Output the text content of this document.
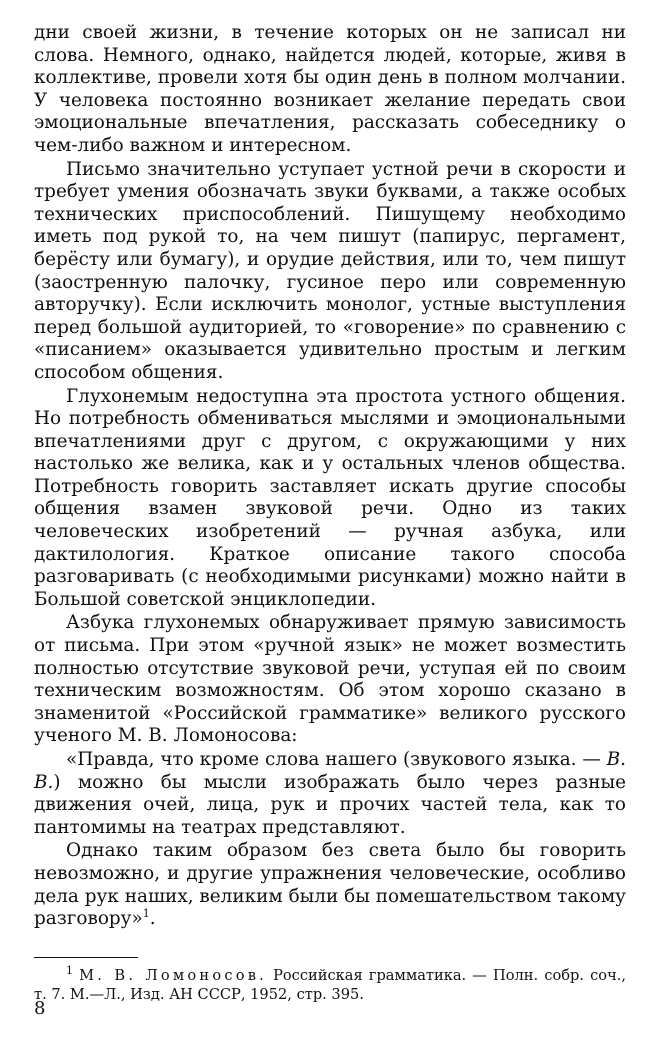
дни своей жизни, в течение которых он не записал ни слова. Немного, однако, найдется людей, которые, живя в коллективе, провели хотя бы один день в полном молчании. У человека постоянно возникает желание передать свои эмоциональные впечатления, рассказать собеседнику о чем-либо важном и интересном.

Письмо значительно уступает устной речи в скорости и требует умения обозначать звуки буквами, а также особых технических приспособлений. Пишущему необходимо иметь под рукой то, на чем пишут (папирус, пергамент, берёсту или бумагу), и орудие действия, или то, чем пишут (заостренную палочку, гусиное перо или современную авторучку). Если исключить монолог, устные выступления перед большой аудиторией, то «говорение» по сравнению с «писанием» оказывается удивительно простым и легким способом общения.

Глухонемым недоступна эта простота устного общения. Но потребность обмениваться мыслями и эмоциональными впечатлениями друг с другом, с окружающими у них настолько же велика, как и у остальных членов общества. Потребность говорить заставляет искать другие способы общения взамен звуковой речи. Одно из таких человеческих изобретений — ручная азбука, или дактилология. Краткое описание такого способа разговаривать (с необходимыми рисунками) можно найти в Большой советской энциклопедии.

Азбука глухонемых обнаруживает прямую зависимость от письма. При этом «ручной язык» не может возместить полностью отсутствие звуковой речи, уступая ей по своим техническим возможностям. Об этом хорошо сказано в знаменитой «Российской грамматике» великого русского ученого М. В. Ломоносова:

«Правда, что кроме слова нашего (звукового языка. — В. В.) можно бы мысли изображать было через разные движения очей, лица, рук и прочих частей тела, как то пантомимы на театрах представляют.

Однако таким образом без света было бы говорить невозможно, и другие упражнения человеческие, особливо дела рук наших, великим были бы помешательством такому разговору»$^1$.

$^1$ М. В. Ломоносов. Российская грамматика. — Полн. собр. соч., т. 7. М.—Л., Изд. АН СССР, 1952, стр. 395.

8
